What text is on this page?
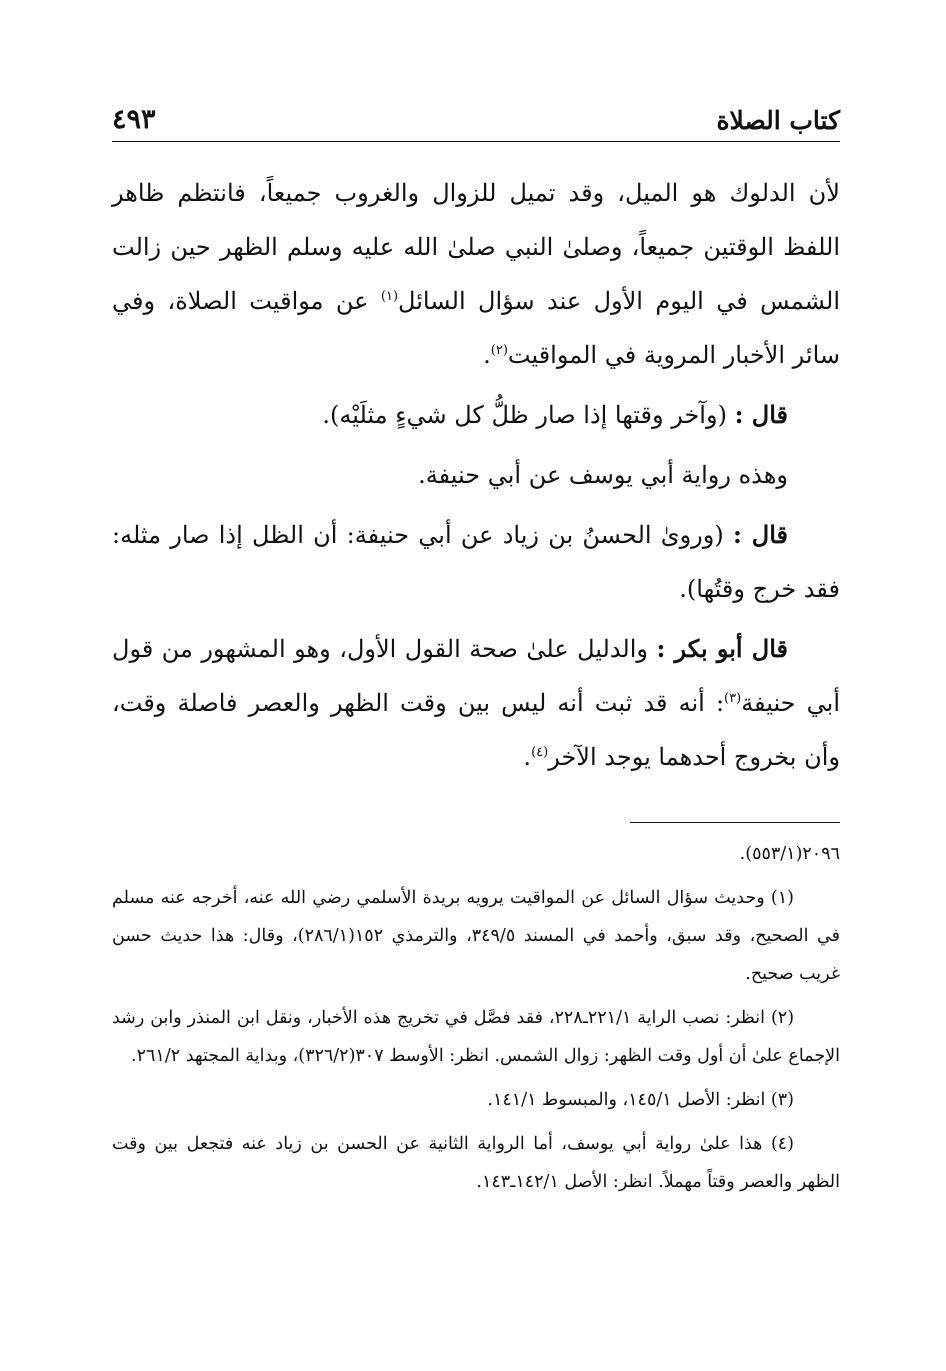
كتاب الصلاة
٤٩٣

لأن الدلوك هو الميل، وقد تميل للزوال والغروب جميعاً، فانتظم ظاهر اللفظ الوقتين جميعاً، وصلىٰ النبي صلىٰ الله عليه وسلم الظهر حين زالت الشمس في اليوم الأول عند سؤال السائل$^{(١)}$ عن مواقيت الصلاة، وفي سائر الأخبار المروية في المواقيت$^{(٢)}$.

قال : (وآخر وقتها إذا صار ظلُّ كل شيءٍ مثلَيْه).

وهذه رواية أبي يوسف عن أبي حنيفة.

قال : (وروىٰ الحسنُ بن زياد عن أبي حنيفة: أن الظل إذا صار مثله: فقد خرج وقتُها).

قال أبو بكر : والدليل علىٰ صحة القول الأول، وهو المشهور من قول أبي حنيفة$^{(٣)}$: أنه قد ثبت أنه ليس بين وقت الظهر والعصر فاصلة وقت، وأن بخروج أحدهما يوجد الآخر$^{(٤)}$.

٢٠٩٦(٥٥٣/١).

(١) وحديث سؤال السائل عن المواقيت يرويه بريدة الأسلمي رضي الله عنه، أخرجه عنه مسلم في الصحيح، وقد سبق، وأحمد في المسند ٣٤٩/٥، والترمذي ١٥٢(٢٨٦/١)، وقال: هذا حديث حسن غريب صحيح.

(٢) انظر: نصب الراية ٢٢١/١ـ٢٢٨، فقد فصَّل في تخريج هذه الأخبار، ونقل ابن المنذر وابن رشد الإجماع علىٰ أن أول وقت الظهر: زوال الشمس. انظر: الأوسط ٣٠٧(٣٢٦/٢)، وبداية المجتهد ٢٦١/٢.

(٣) انظر: الأصل ١٤٥/١، والمبسوط ١٤١/١.

(٤) هذا علىٰ رواية أبي يوسف، أما الرواية الثانية عن الحسن بن زياد عنه فتجعل بين وقت الظهر والعصر وقتاً مهملاً. انظر: الأصل ١٤٢/١ـ١٤٣.
